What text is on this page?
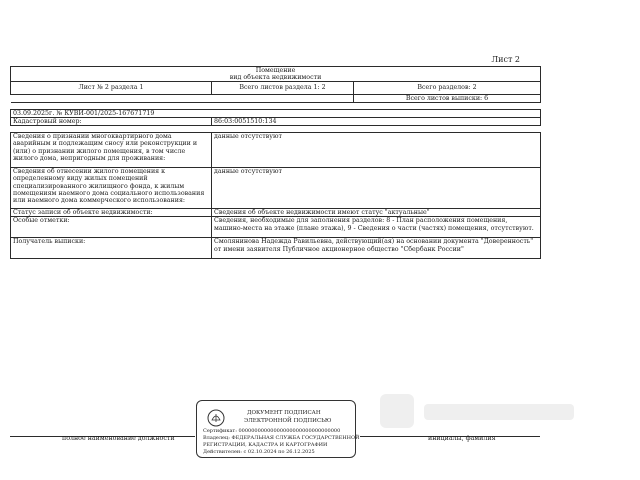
Лист 2
Помещение
вид объекта недвижимости		
Лист № 2 раздела 1	Всего листов раздела 1: 2	Всего разделов: 2
		Всего листов выписки: 6

03.09.2025г. № КУВИ-001/2025-167671719		
Кадастровый номер:	86:03:0051510:134	

Сведения о признании многоквартирного дома аварийным и подлежащим сносу или реконструкции и (или) о признании жилого помещения, в том числе жилого дома, непригодным для проживания:	данные отсутствуют	
Сведения об отнесении жилого помещения к определенному виду жилых помещений специализированного жилищного фонда, к жилым помещениям наемного дома социального использования или наемного дома коммерческого использования:	данные отсутствуют	
Статус записи об объекте недвижимости:	Сведения об объекте недвижимости имеют статус "актуальные"	
Особые отметки:	Сведения, необходимые для заполнения разделов: 8 - План расположения помещения, машино-места на этаже (плане этажа), 9 - Сведения о части (частях) помещения, отсутствуют.	
Получатель выписки:	Смолянинова Надежда Равильевна, действующий(ая) на основании документа "Доверенность" от имени заявителя Публичное акционерное общество "Сбербанк России"	
полное наименование должности	инициалы, фамилия
ДОКУМЕНТ ПОДПИСАН
ЭЛЕКТРОННОЙ ПОДПИСЬЮ
Сертификат: 00000000000000000000000000000000
Владелец: ФЕДЕРАЛЬНАЯ СЛУЖБА ГОСУДАРСТВЕННОЙ
РЕГИСТРАЦИИ, КАДАСТРА И КАРТОГРАФИИ
Действителен: с 02.10.2024 по 26.12.2025
